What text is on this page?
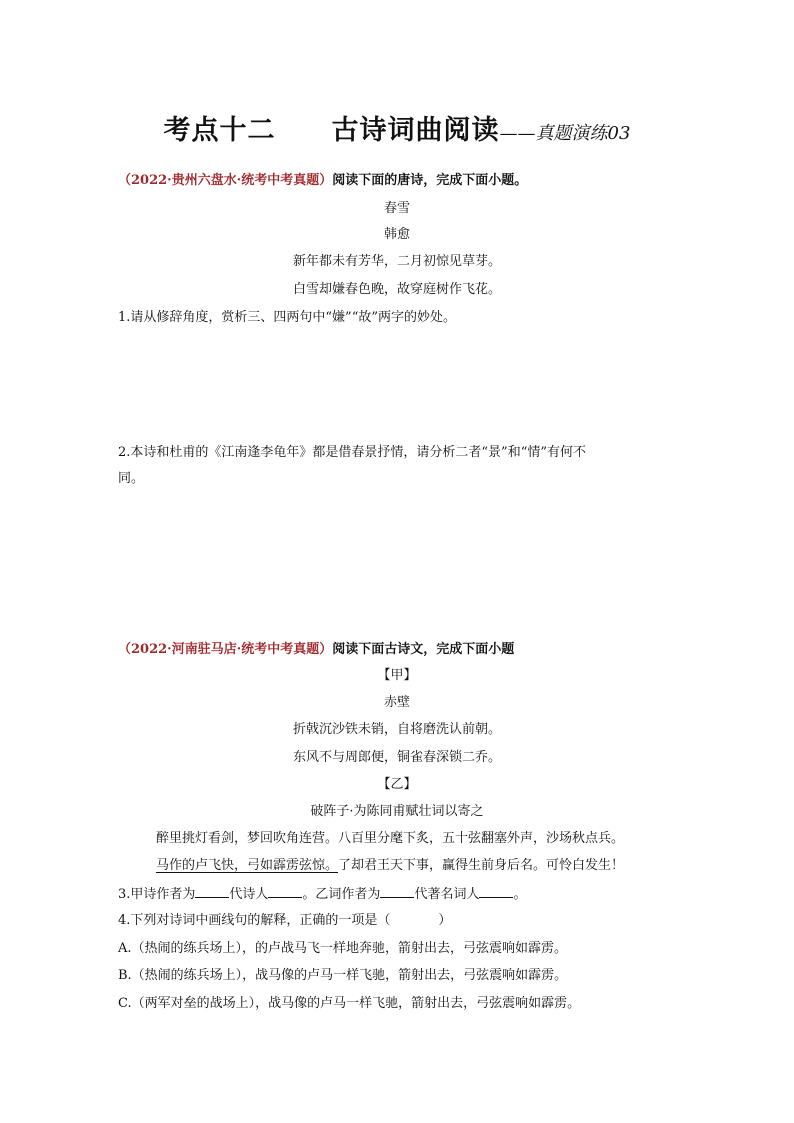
考点十二 古诗词曲阅读——真题演练03
（2022·贵州六盘水·统考中考真题）阅读下面的唐诗，完成下面小题。
春雪
韩愈
新年都未有芳华，二月初惊见草芽。
白雪却嫌春色晚，故穿庭树作飞花。
1.请从修辞角度，赏析三、四两句中“嫌”“故”两字的妙处。
2.本诗和杜甫的《江南逢李龟年》都是借春景抒情，请分析二者“景”和“情”有何不
同。
（2022·河南驻马店·统考中考真题）阅读下面古诗文，完成下面小题
【甲】
赤壁
折戟沉沙铁未销，自将磨洗认前朝。
东风不与周郎便，铜雀春深锁二乔。
【乙】
破阵子·为陈同甫赋壮词以寄之
醉里挑灯看剑，梦回吹角连营。八百里分麾下炙，五十弦翻塞外声，沙场秋点兵。
马作的卢飞快，弓如霹雳弦惊。了却君王天下事，赢得生前身后名。可怜白发生！
3.甲诗作者为	代诗人	。乙词作者为	代著名词人	。
4.下列对诗词中画线句的解释，正确的一项是（	）
A.（热闹的练兵场上），的卢战马飞一样地奔驰，箭射出去，弓弦震响如霹雳。
B.（热闹的练兵场上），战马像的卢马一样飞驰，箭射出去，弓弦震响如霹雳。
C.（两军对垒的战场上），战马像的卢马一样飞驰，箭射出去，弓弦震响如霹雳。
